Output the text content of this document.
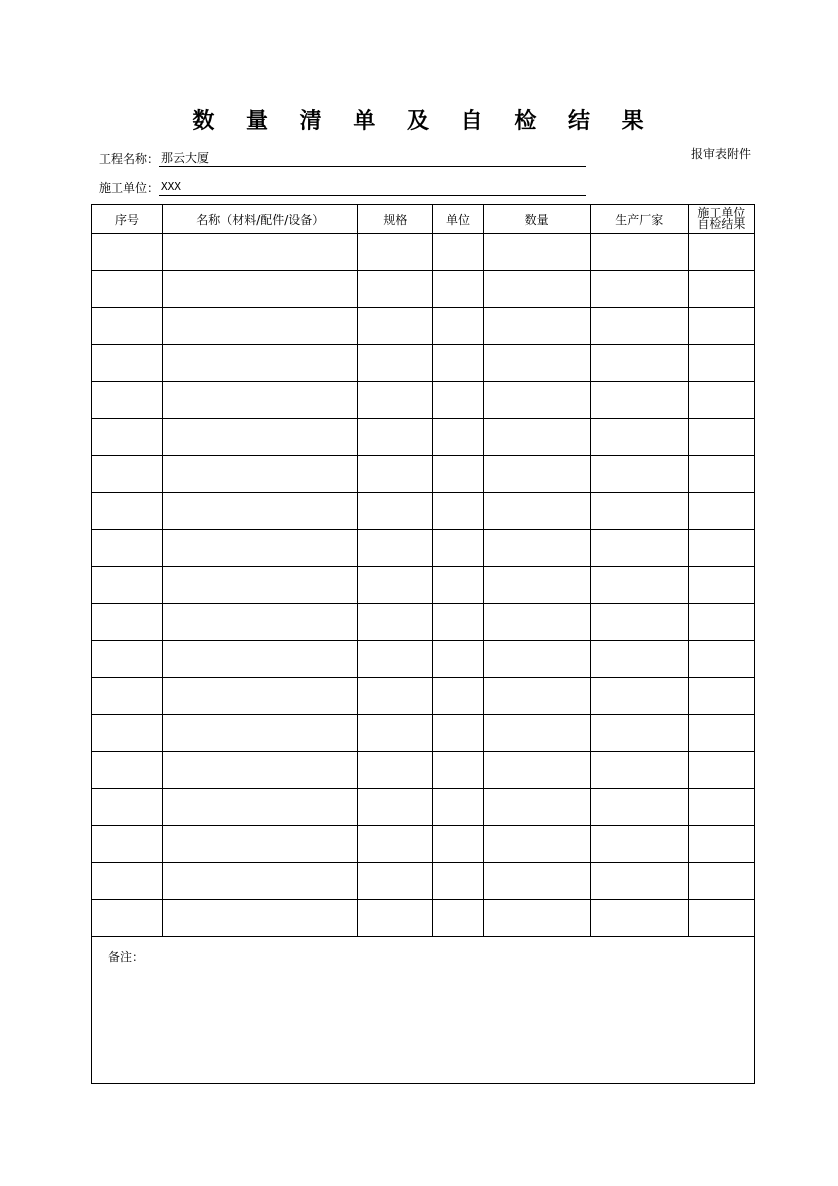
数 量 清 单 及 自 检 结 果
报审表附件
工程名称： 那云大厦
施工单位： XXX
序号	名称（材料/配件/设备）	规格	单位	数量	生产厂家	施工单位
自检结果

备注：
